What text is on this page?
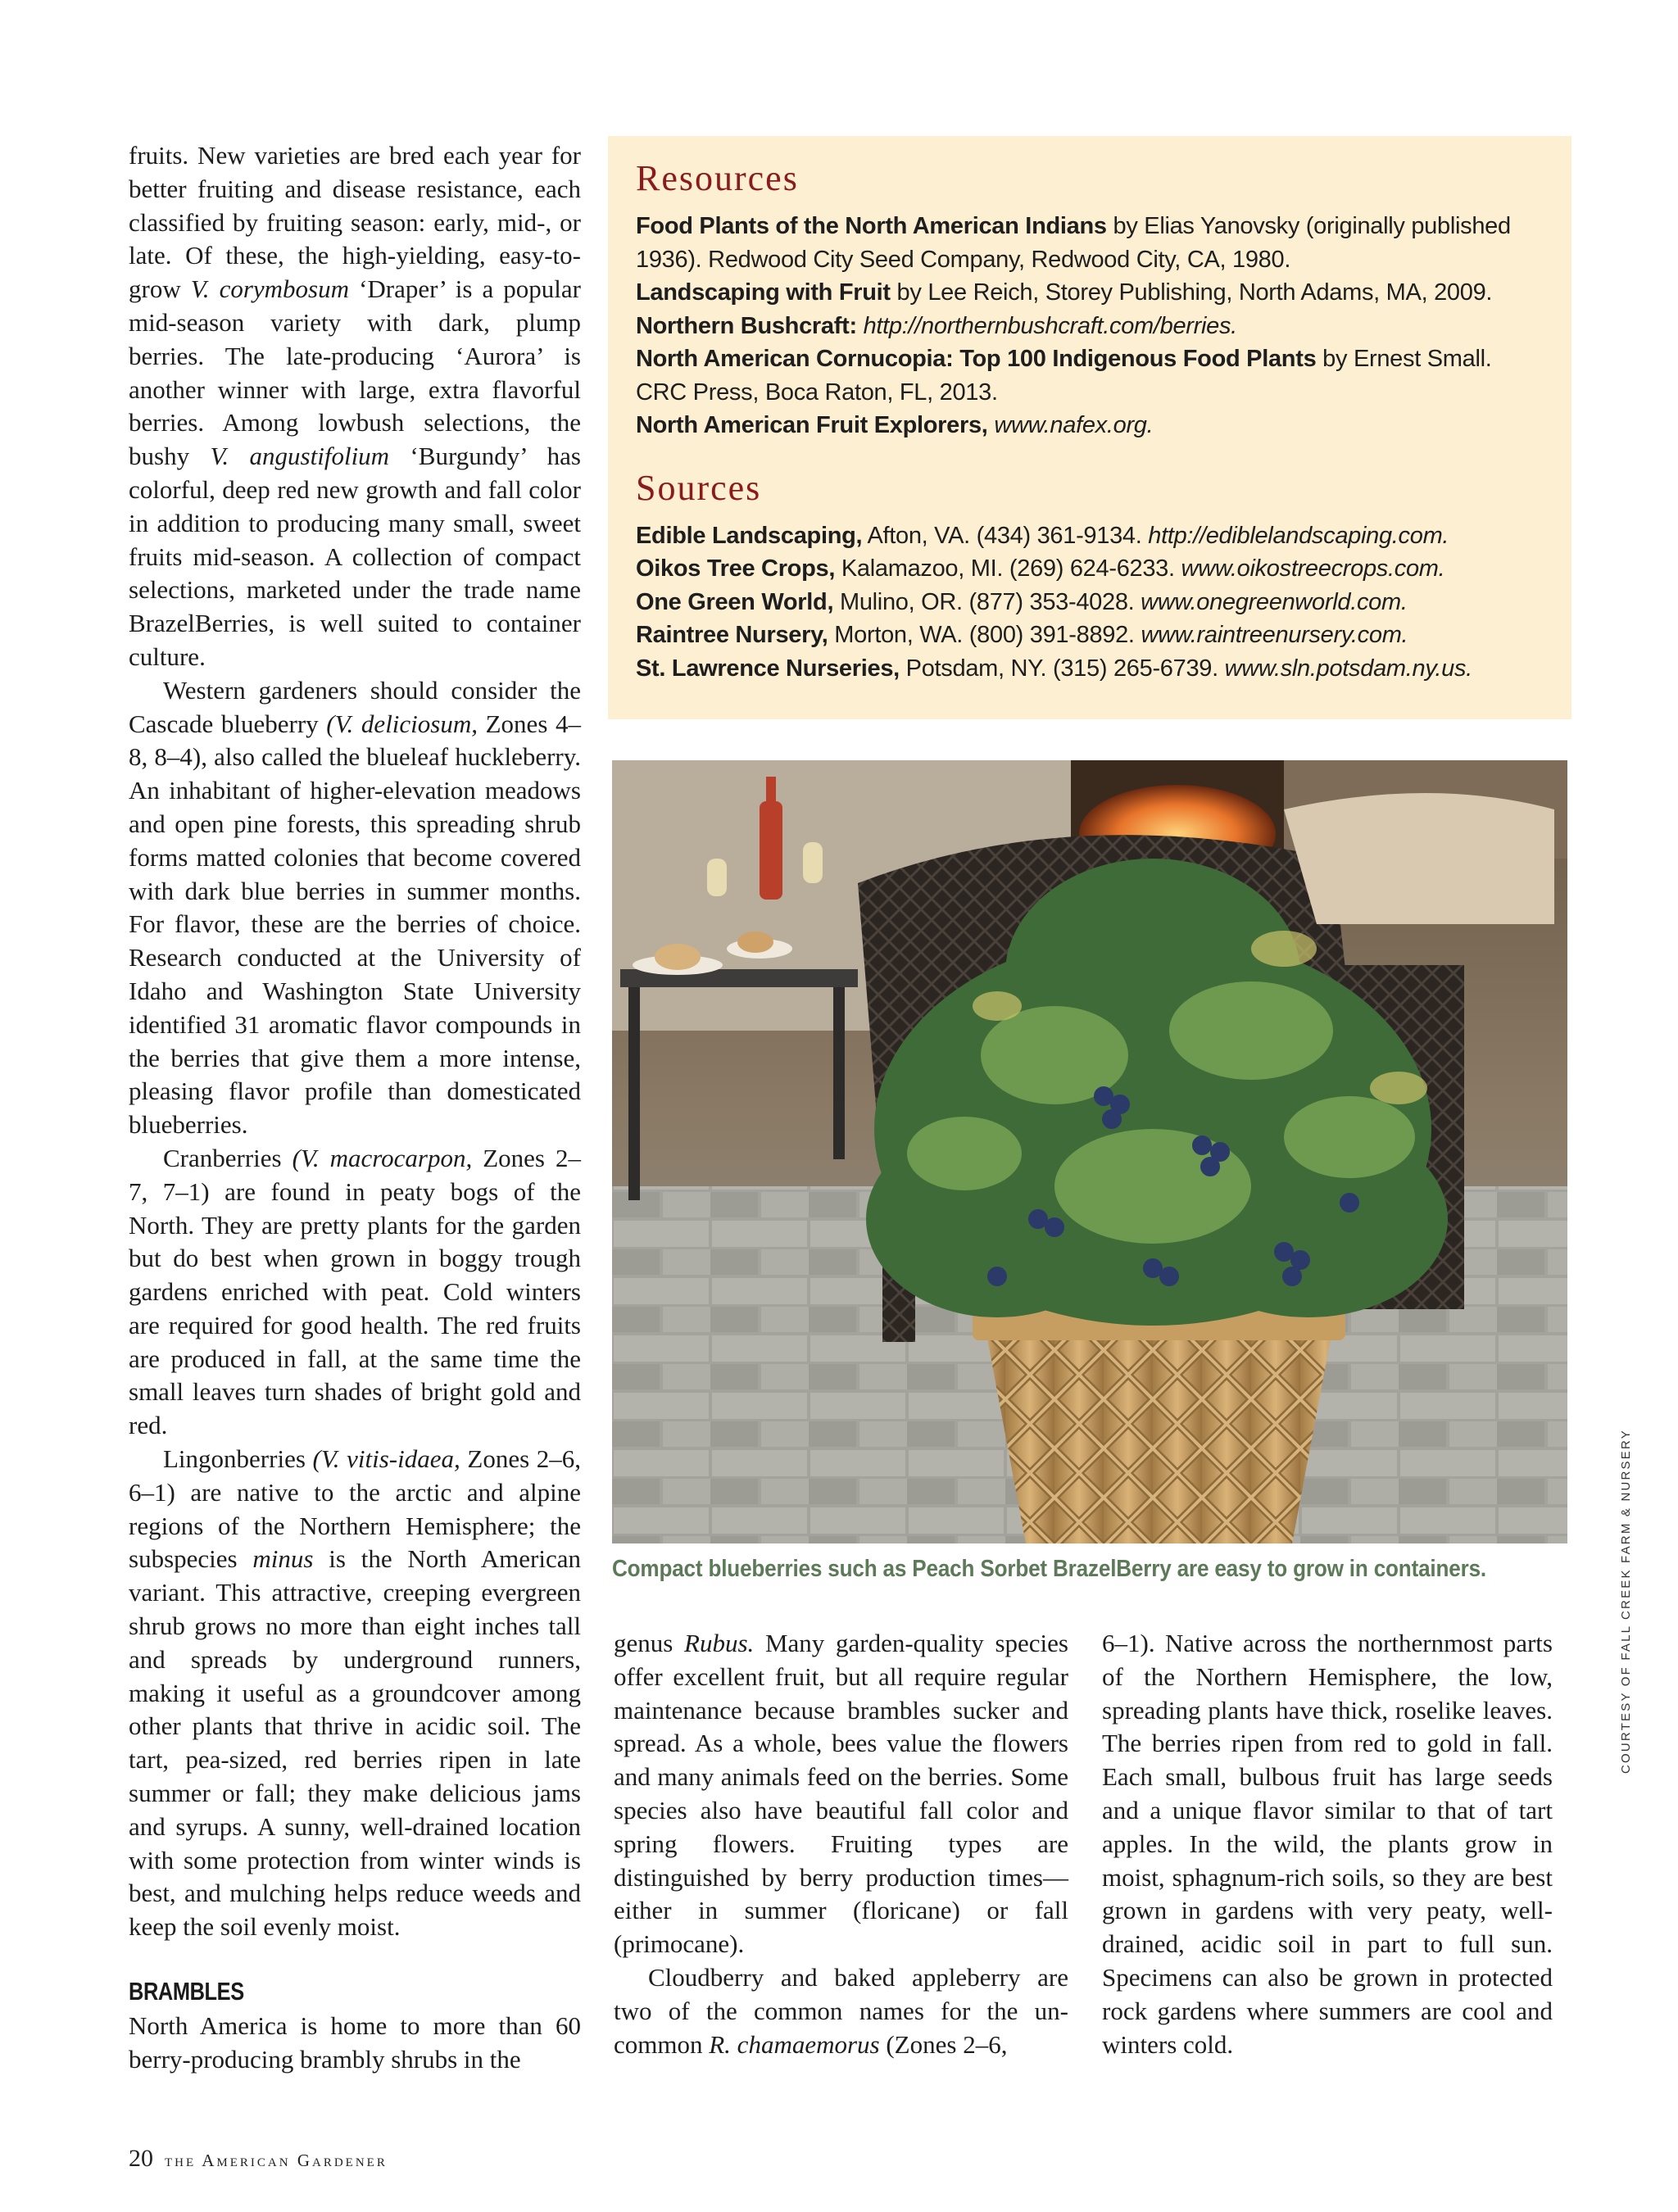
fruits. New varieties are bred each year for better fruiting and disease resistance, each classified by fruiting season: early, mid-, or late. Of these, the high-yielding, easy-to-grow V. corymbosum ‘Draper’ is a popular mid-season variety with dark, plump berries. The late-producing ‘Aurora’ is another winner with large, extra flavorful berries. Among lowbush selections, the bushy V. angustifolium ‘Burgundy’ has colorful, deep red new growth and fall color in addition to producing many small, sweet fruits mid-season. A collection of compact selections, marketed under the trade name BrazelBerries, is well suited to container culture.

Western gardeners should consider the Cascade blueberry (V. deliciosum, Zones 4–8, 8–4), also called the blueleaf huckleberry. An inhabitant of higher-elevation meadows and open pine forests, this spreading shrub forms matted colonies that become covered with dark blue berries in summer months. For flavor, these are the berries of choice. Research conducted at the University of Idaho and Washington State University identified 31 aromatic flavor compounds in the berries that give them a more intense, pleasing flavor profile than domesticated blueberries.

Cranberries (V. macrocarpon, Zones 2–7, 7–1) are found in peaty bogs of the North. They are pretty plants for the garden but do best when grown in boggy trough gardens enriched with peat. Cold winters are required for good health. The red fruits are produced in fall, at the same time the small leaves turn shades of bright gold and red.

Lingonberries (V. vitis-idaea, Zones 2–6, 6–1) are native to the arctic and alpine regions of the Northern Hemisphere; the subspecies minus is the North American variant. This attractive, creeping evergreen shrub grows no more than eight inches tall and spreads by underground runners, making it useful as a groundcover among other plants that thrive in acidic soil. The tart, pea-sized, red berries ripen in late summer or fall; they make delicious jams and syrups. A sunny, well-drained location with some protection from winter winds is best, and mulching helps reduce weeds and keep the soil evenly moist.

BRAMBLES

North America is home to more than 60 berry-producing brambly shrubs in the

Resources

Food Plants of the North American Indians by Elias Yanovsky (originally published 1936). Redwood City Seed Company, Redwood City, CA, 1980.

Landscaping with Fruit by Lee Reich, Storey Publishing, North Adams, MA, 2009.

Northern Bushcraft: http://northernbushcraft.com/berries.

North American Cornucopia: Top 100 Indigenous Food Plants by Ernest Small. CRC Press, Boca Raton, FL, 2013.

North American Fruit Explorers, www.nafex.org.

Sources

Edible Landscaping, Afton, VA. (434) 361-9134. http://ediblelandscaping.com.

Oikos Tree Crops, Kalamazoo, MI. (269) 624-6233. www.oikostreecrops.com.

One Green World, Mulino, OR. (877) 353-4028. www.onegreenworld.com.

Raintree Nursery, Morton, WA. (800) 391-8892. www.raintreenursery.com.

St. Lawrence Nurseries, Potsdam, NY. (315) 265-6739. www.sln.potsdam.ny.us.

Compact blueberries such as Peach Sorbet BrazelBerry are easy to grow in containers.

genus Rubus. Many garden-quality species offer excellent fruit, but all require regular maintenance because brambles sucker and spread. As a whole, bees value the flowers and many animals feed on the berries. Some species also have beautiful fall color and spring flowers. Fruiting types are distinguished by berry production times—either in summer (floricane) or fall (primocane).

Cloudberry and baked appleberry are two of the common names for the uncommon R. chamaemorus (Zones 2–6,

6–1). Native across the northernmost parts of the Northern Hemisphere, the low, spreading plants have thick, roselike leaves. The berries ripen from red to gold in fall. Each small, bulbous fruit has large seeds and a unique flavor similar to that of tart apples. In the wild, the plants grow in moist, sphagnum-rich soils, so they are best grown in gardens with very peaty, well-drained, acidic soil in part to full sun. Specimens can also be grown in protected rock gardens where summers are cool and winters cold.

COURTESY OF FALL CREEK FARM & NURSERY
20 the American Gardener
